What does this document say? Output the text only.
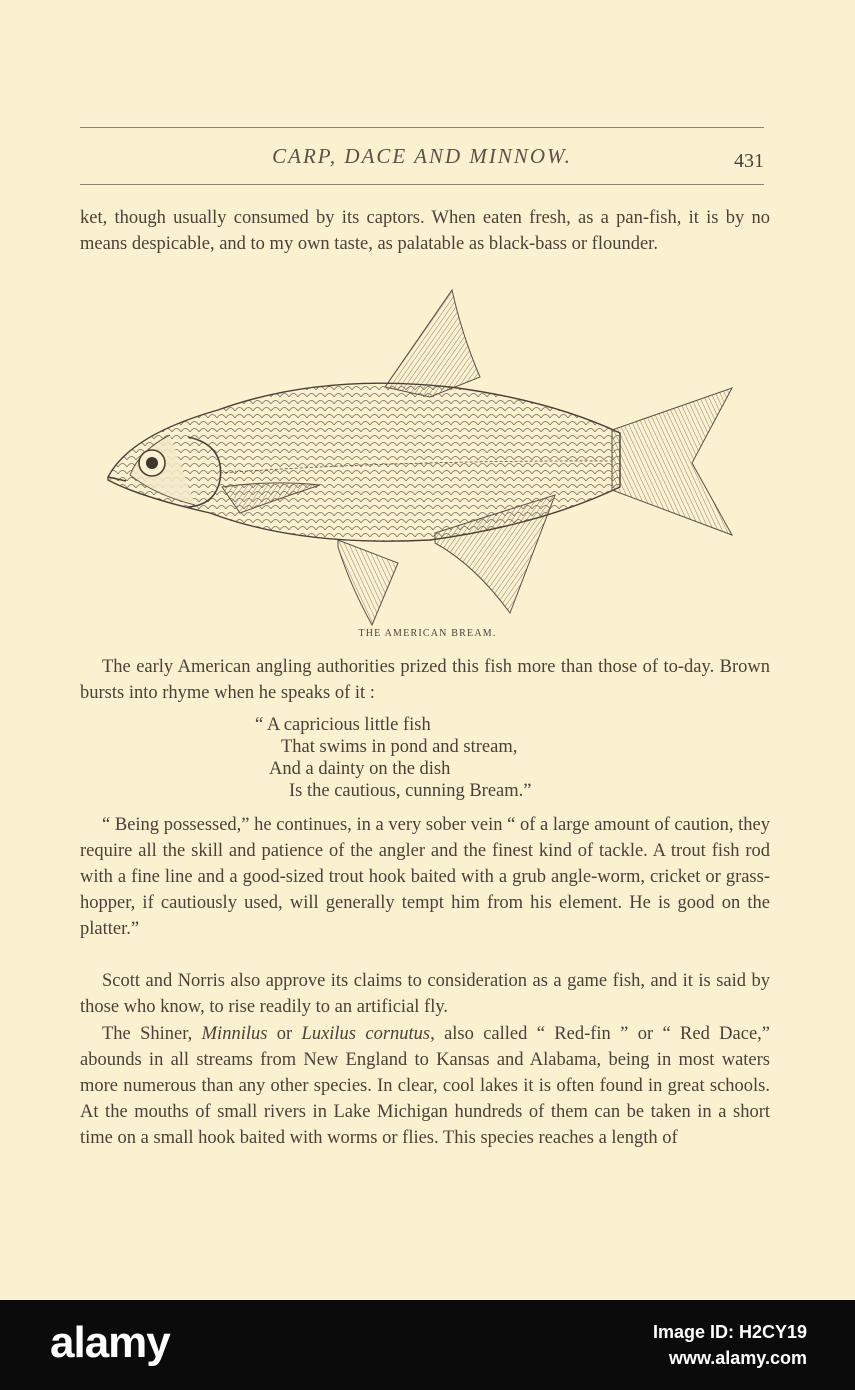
CARP, DACE AND MINNOW.	431

ket, though usually consumed by its captors. When eaten fresh, as a pan-fish, it is by no means despicable, and to my own taste, as palatable as black-bass or flounder.

THE AMERICAN BREAM.

The early American angling authorities prized this fish more than those of to-day. Brown bursts into rhyme when he speaks of it :

“ A capricious little fish
That swims in pond and stream,
And a dainty on the dish
Is the cautious, cunning Bream.”

“ Being possessed,” he continues, in a very sober vein “ of a large amount of caution, they require all the skill and patience of the angler and the finest kind of tackle. A trout fish rod with a fine line and a good-sized trout hook baited with a grub angle-worm, cricket or grass-hopper, if cautiously used, will generally tempt him from his element. He is good on the platter.”

Scott and Norris also approve its claims to consideration as a game fish, and it is said by those who know, to rise readily to an artificial fly.

The Shiner, Minnilus or Luxilus cornutus, also called “ Red-fin ” or “ Red Dace,” abounds in all streams from New England to Kansas and Alabama, being in most waters more numerous than any other species. In clear, cool lakes it is often found in great schools. At the mouths of small rivers in Lake Michigan hundreds of them can be taken in a short time on a small hook baited with worms or flies. This species reaches a length of

alamy	Image ID: H2CY19
www.alamy.com
